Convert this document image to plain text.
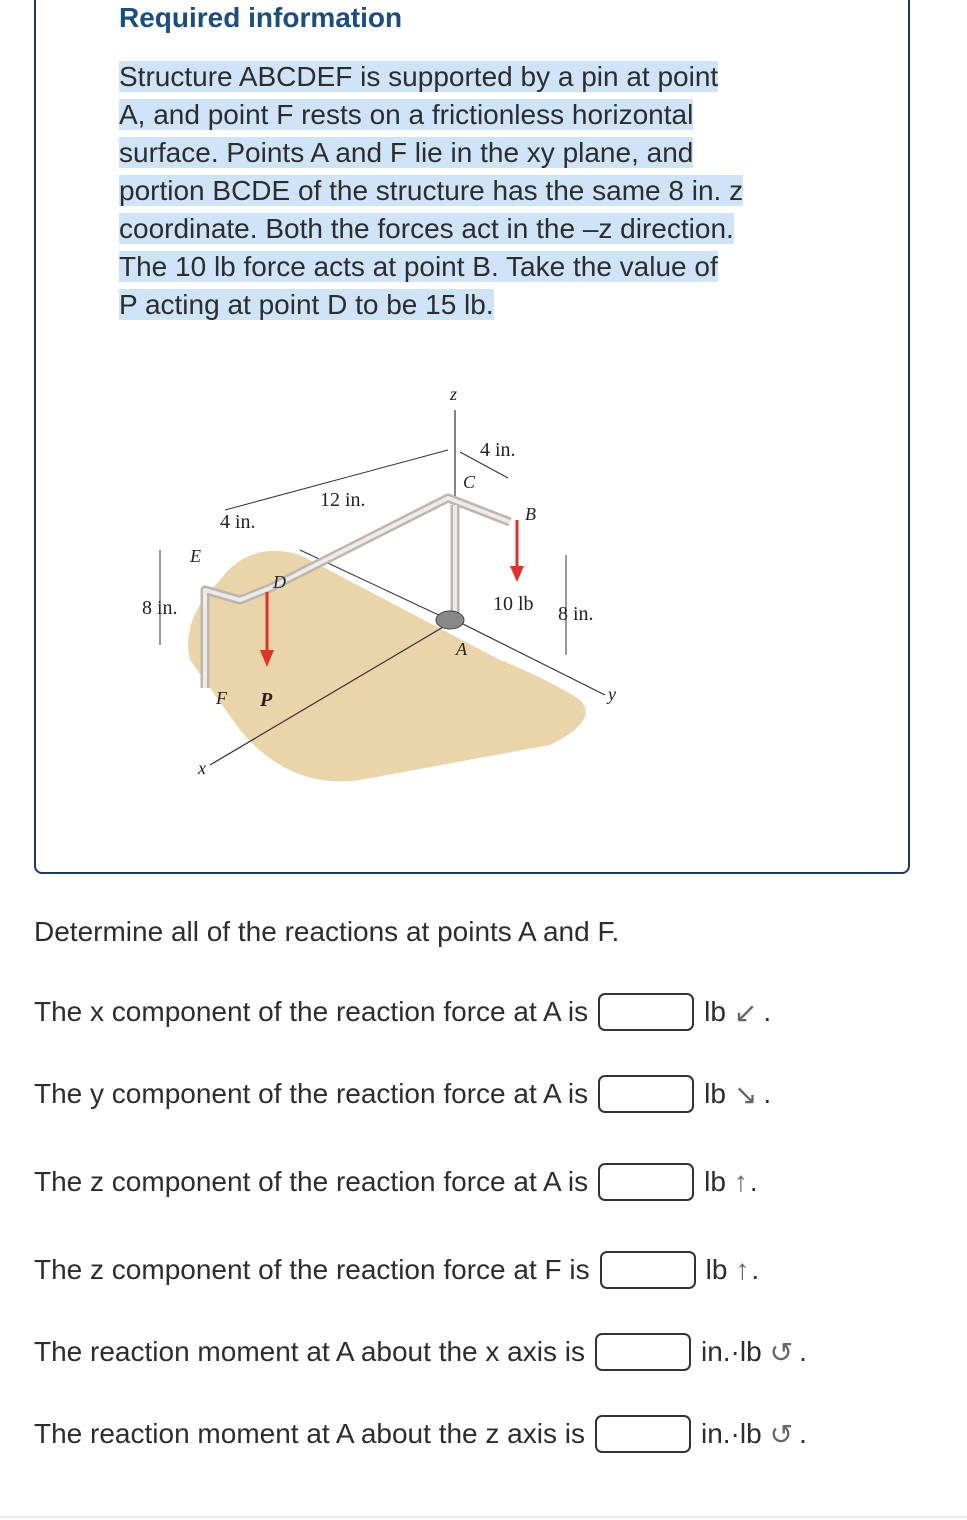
Required information
Structure ABCDEF is supported by a pin at point
A, and point F rests on a frictionless horizontal
surface. Points A and F lie in the xy plane, and
portion BCDE of the structure has the same 8 in. z
coordinate. Both the forces act in the –z direction.
The 10 lb force acts at point B. Take the value of
P acting at point D to be 15 lb.
z
x
y
C
B
E
D
A
F P
4 in.
12 in.
4 in.
8 in.	8 in.
10 lb
Determine all of the reactions at points A and F.
The x component of the reaction force at A is	lb ↙ .
The y component of the reaction force at A is	lb ↘ .
The z component of the reaction force at A is	lb ↑ .
The z component of the reaction force at F is	lb ↑ .
The reaction moment at A about the x axis is	in.·lb ↺ .
The reaction moment at A about the z axis is	in.·lb ↺ .
